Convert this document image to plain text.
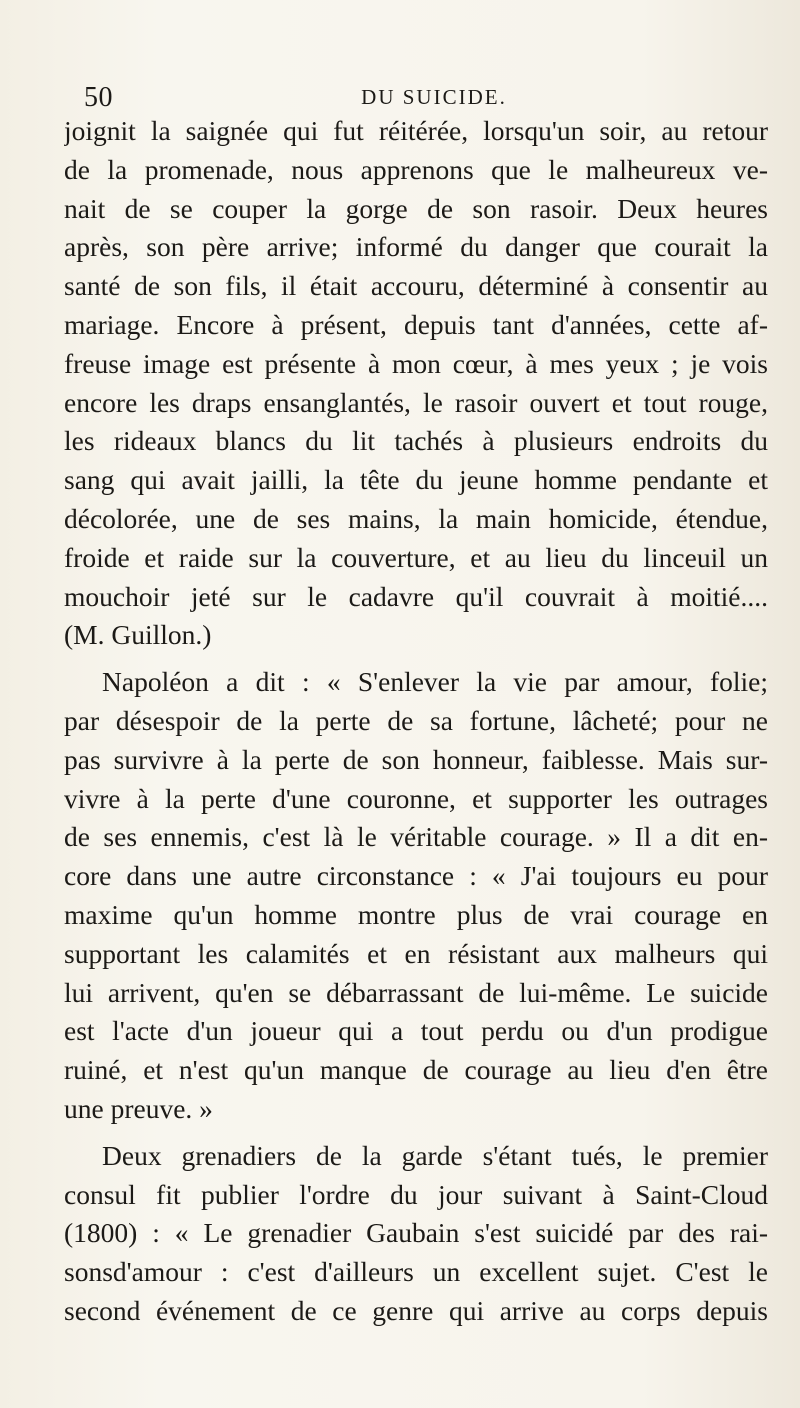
50	DU SUICIDE.
joignit la saignée qui fut réitérée, lorsqu'un soir, au retour
de la promenade, nous apprenons que le malheureux ve-
nait de se couper la gorge de son rasoir. Deux heures
après, son père arrive; informé du danger que courait la
santé de son fils, il était accouru, déterminé à consentir au
mariage. Encore à présent, depuis tant d'années, cette af-
freuse image est présente à mon cœur, à mes yeux ; je vois
encore les draps ensanglantés, le rasoir ouvert et tout rouge,
les rideaux blancs du lit tachés à plusieurs endroits du
sang qui avait jailli, la tête du jeune homme pendante et
décolorée, une de ses mains, la main homicide, étendue,
froide et raide sur la couverture, et au lieu du linceuil un
mouchoir jeté sur le cadavre qu'il couvrait à moitié....
(M. Guillon.)
Napoléon a dit : « S'enlever la vie par amour, folie;
par désespoir de la perte de sa fortune, lâcheté; pour ne
pas survivre à la perte de son honneur, faiblesse. Mais sur-
vivre à la perte d'une couronne, et supporter les outrages
de ses ennemis, c'est là le véritable courage. » Il a dit en-
core dans une autre circonstance : « J'ai toujours eu pour
maxime qu'un homme montre plus de vrai courage en
supportant les calamités et en résistant aux malheurs qui
lui arrivent, qu'en se débarrassant de lui-même. Le suicide
est l'acte d'un joueur qui a tout perdu ou d'un prodigue
ruiné, et n'est qu'un manque de courage au lieu d'en être
une preuve. »
Deux grenadiers de la garde s'étant tués, le premier
consul fit publier l'ordre du jour suivant à Saint-Cloud
(1800) : « Le grenadier Gaubain s'est suicidé par des rai-
sonsd'amour : c'est d'ailleurs un excellent sujet. C'est le
second événement de ce genre qui arrive au corps depuis
